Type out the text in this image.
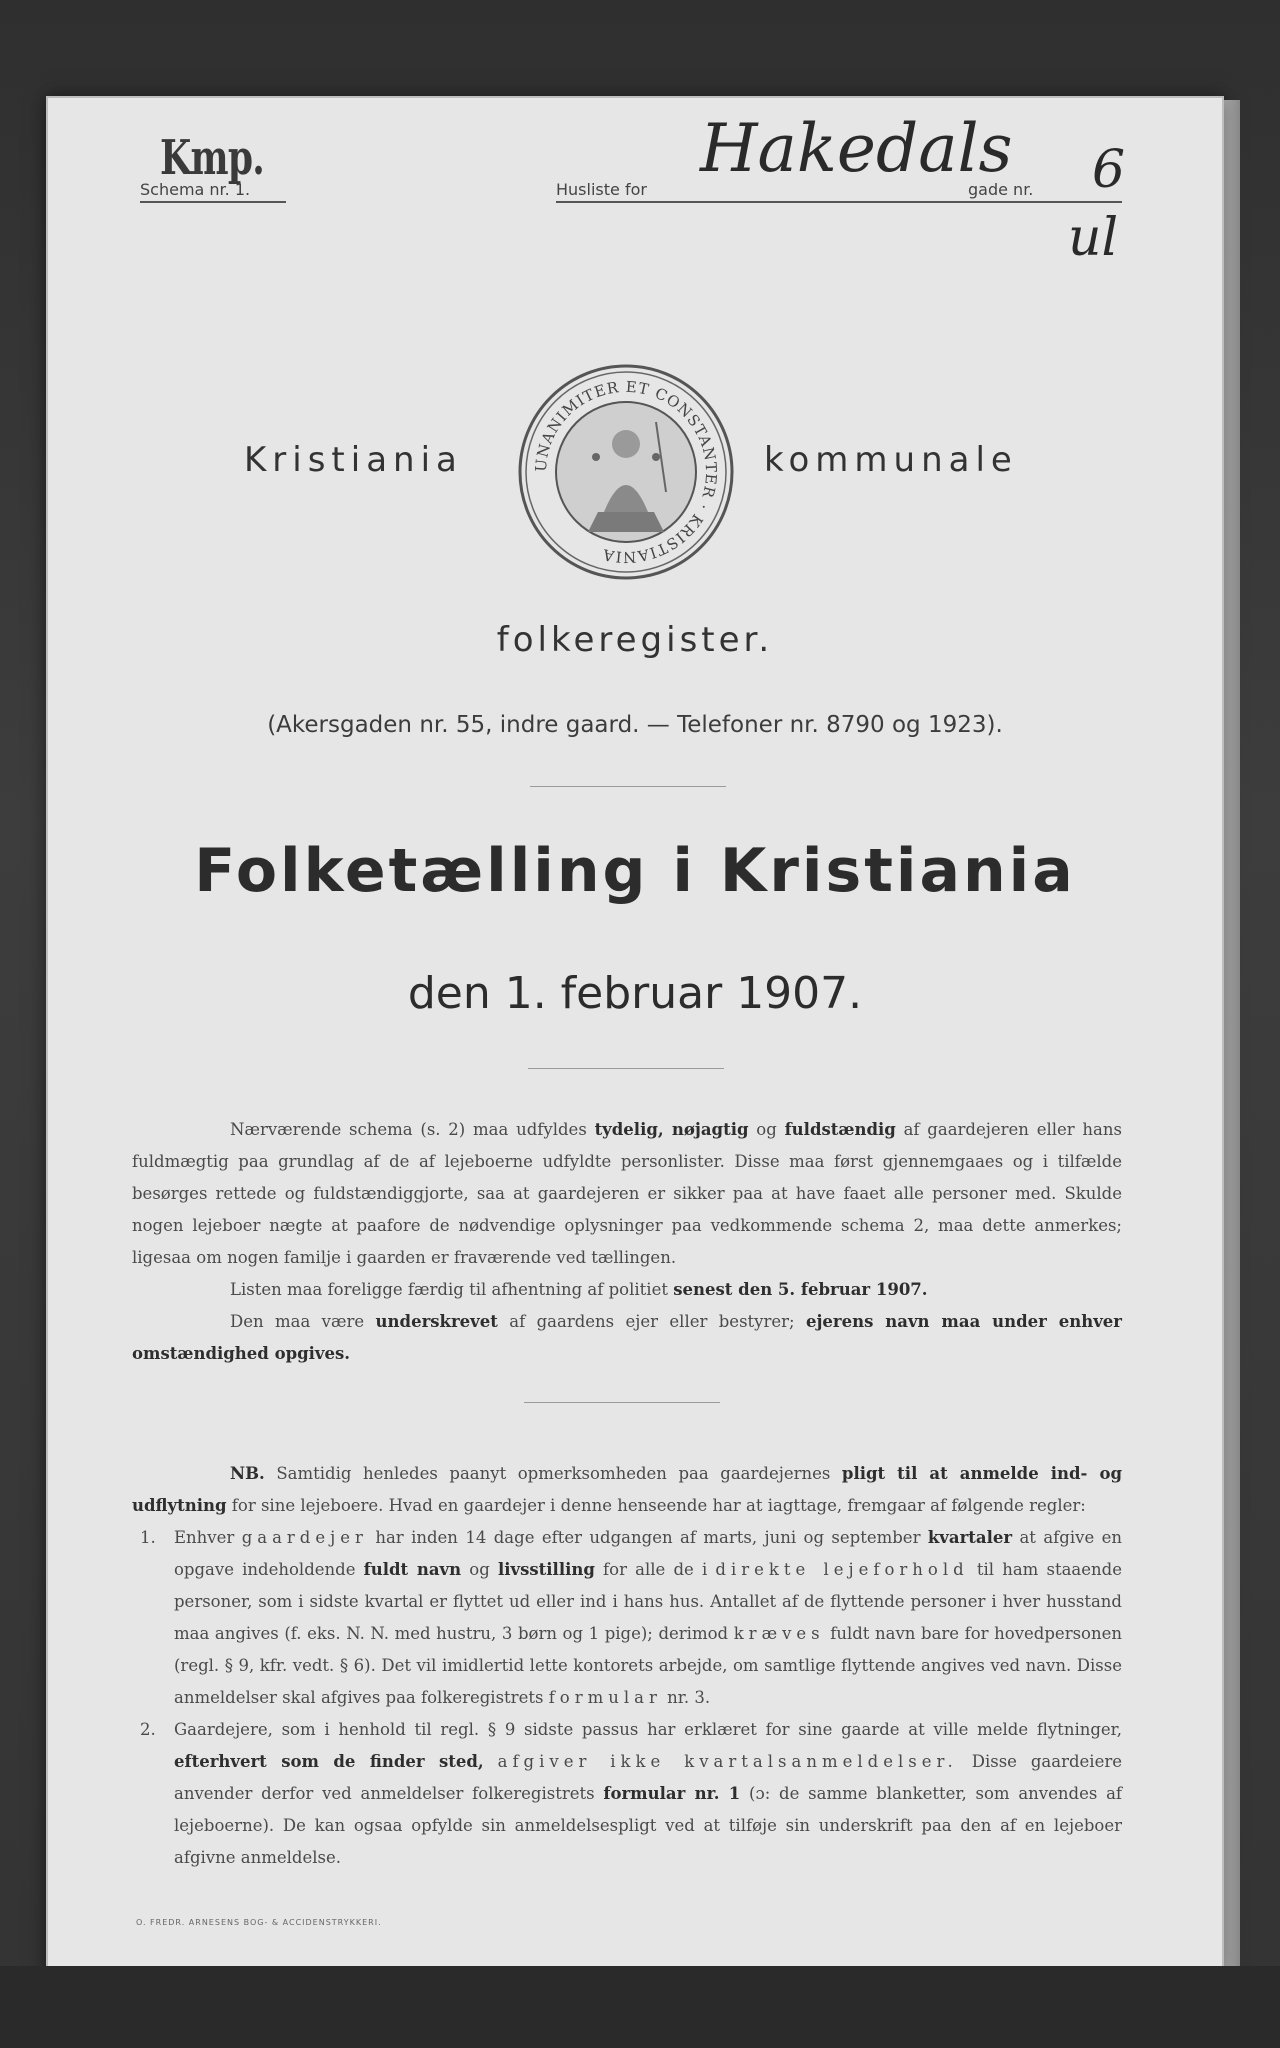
Kmp.
Schema nr. 1.	Husliste for
Hakedals
gade nr. 6
ul
Kristiania	UNANIMITER ET CONSTANTER · KRISTIANIA
kommunale
folkeregister.
(Akersgaden nr. 55, indre gaard. — Telefoner nr. 8790 og 1923).
Folketælling i Kristiania
den 1. februar 1907.

Nærværende schema (s. 2) maa udfyldes tydelig, nøjagtig og fuldstændig af gaardejeren eller hans fuldmægtig paa grundlag af de af lejeboerne udfyldte personlister. Disse maa først gjennemgaaes og i tilfælde besørges rettede og fuldstændiggjorte, saa at gaardejeren er sikker paa at have faaet alle personer med. Skulde nogen lejeboer nægte at paafore de nødvendige oplysninger paa vedkommende schema 2, maa dette anmerkes; ligesaa om nogen familje i gaarden er fraværende ved tællingen.

Listen maa foreligge færdig til afhentning af politiet senest den 5. februar 1907.

Den maa være underskrevet af gaardens ejer eller bestyrer; ejerens navn maa under enhver omstændighed opgives.

NB. Samtidig henledes paanyt opmerksomheden paa gaardejernes pligt til at anmelde ind- og udflytning for sine lejeboere. Hvad en gaardejer i denne henseende har at iagttage, fremgaar af følgende regler:

1. Enhver gaardejer har inden 14 dage efter udgangen af marts, juni og september kvartaler at afgive en opgave indeholdende fuldt navn og livsstilling for alle de i direkte lejeforhold til ham staaende personer, som i sidste kvartal er flyttet ud eller ind i hans hus. Antallet af de flyttende personer i hver husstand maa angives (f. eks. N. N. med hustru, 3 børn og 1 pige); derimod kræves fuldt navn bare for hovedpersonen (regl. § 9, kfr. vedt. § 6). Det vil imidlertid lette kontorets arbejde, om samtlige flyttende angives ved navn. Disse anmeldelser skal afgives paa folkeregistrets formular nr. 3.
2. Gaardejere, som i henhold til regl. § 9 sidste passus har erklæret for sine gaarde at ville melde flytninger, efterhvert som de finder sted, afgiver ikke kvartalsanmeldelser. Disse gaardeiere anvender derfor ved anmeldelser folkeregistrets formular nr. 1 (ɔ: de samme blanketter, som anvendes af lejeboerne). De kan ogsaa opfylde sin anmeldelsespligt ved at tilføje sin underskrift paa den af en lejeboer afgivne anmeldelse.
O. FREDR. ARNESENS BOG- & ACCIDENSTRYKKERI.
